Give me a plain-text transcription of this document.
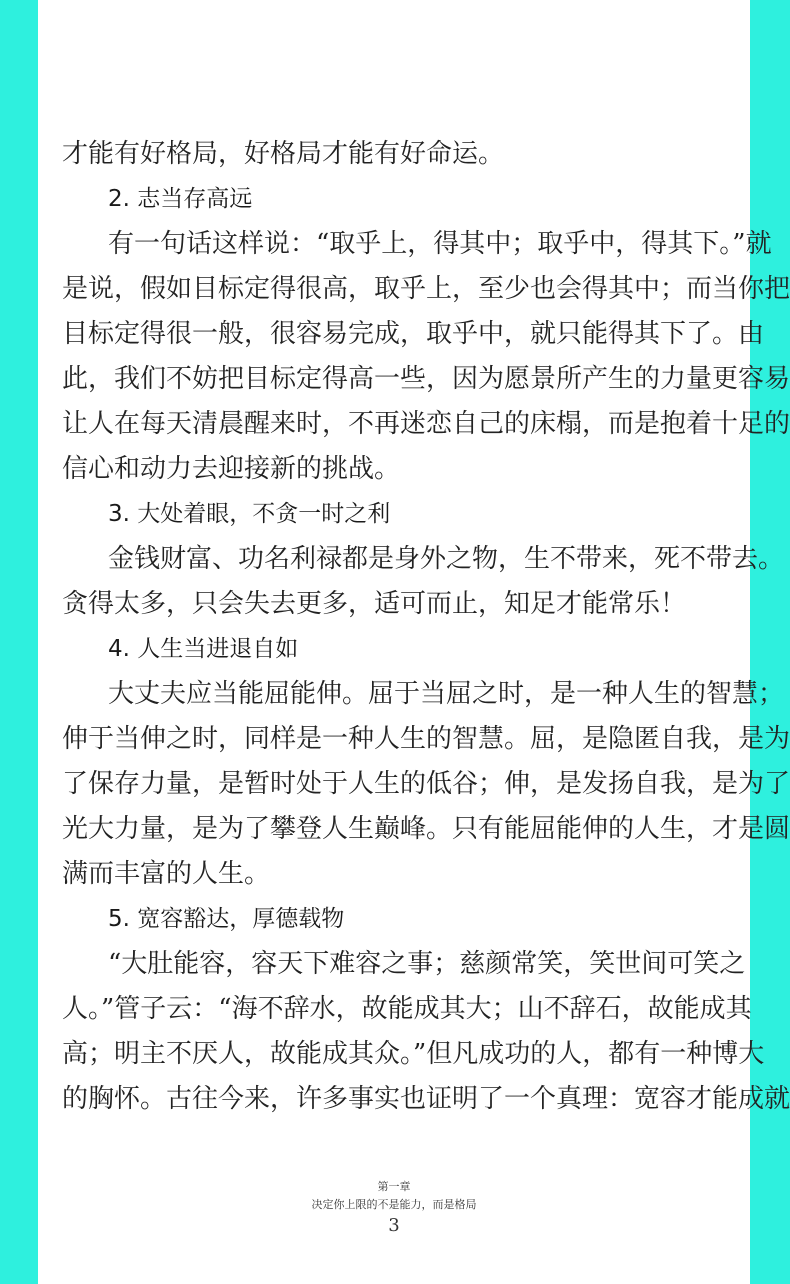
才能有好格局，好格局才能有好命运。
2. 志当存高远
有一句话这样说：“取乎上，得其中；取乎中，得其下。”就
是说，假如目标定得很高，取乎上，至少也会得其中；而当你把
目标定得很一般，很容易完成，取乎中，就只能得其下了。由
此，我们不妨把目标定得高一些，因为愿景所产生的力量更容易
让人在每天清晨醒来时，不再迷恋自己的床榻，而是抱着十足的
信心和动力去迎接新的挑战。
3. 大处着眼，不贪一时之利
金钱财富、功名利禄都是身外之物，生不带来，死不带去。
贪得太多，只会失去更多，适可而止，知足才能常乐！
4. 人生当进退自如
大丈夫应当能屈能伸。屈于当屈之时，是一种人生的智慧；
伸于当伸之时，同样是一种人生的智慧。屈，是隐匿自我，是为
了保存力量，是暂时处于人生的低谷；伸，是发扬自我，是为了
光大力量，是为了攀登人生巅峰。只有能屈能伸的人生，才是圆
满而丰富的人生。
5. 宽容豁达，厚德载物
“大肚能容，容天下难容之事；慈颜常笑，笑世间可笑之
人。”管子云：“海不辞水，故能成其大；山不辞石，故能成其
高；明主不厌人，故能成其众。”但凡成功的人，都有一种博大
的胸怀。古往今来，许多事实也证明了一个真理：宽容才能成就
第一章
决定你上限的不是能力，而是格局
3
